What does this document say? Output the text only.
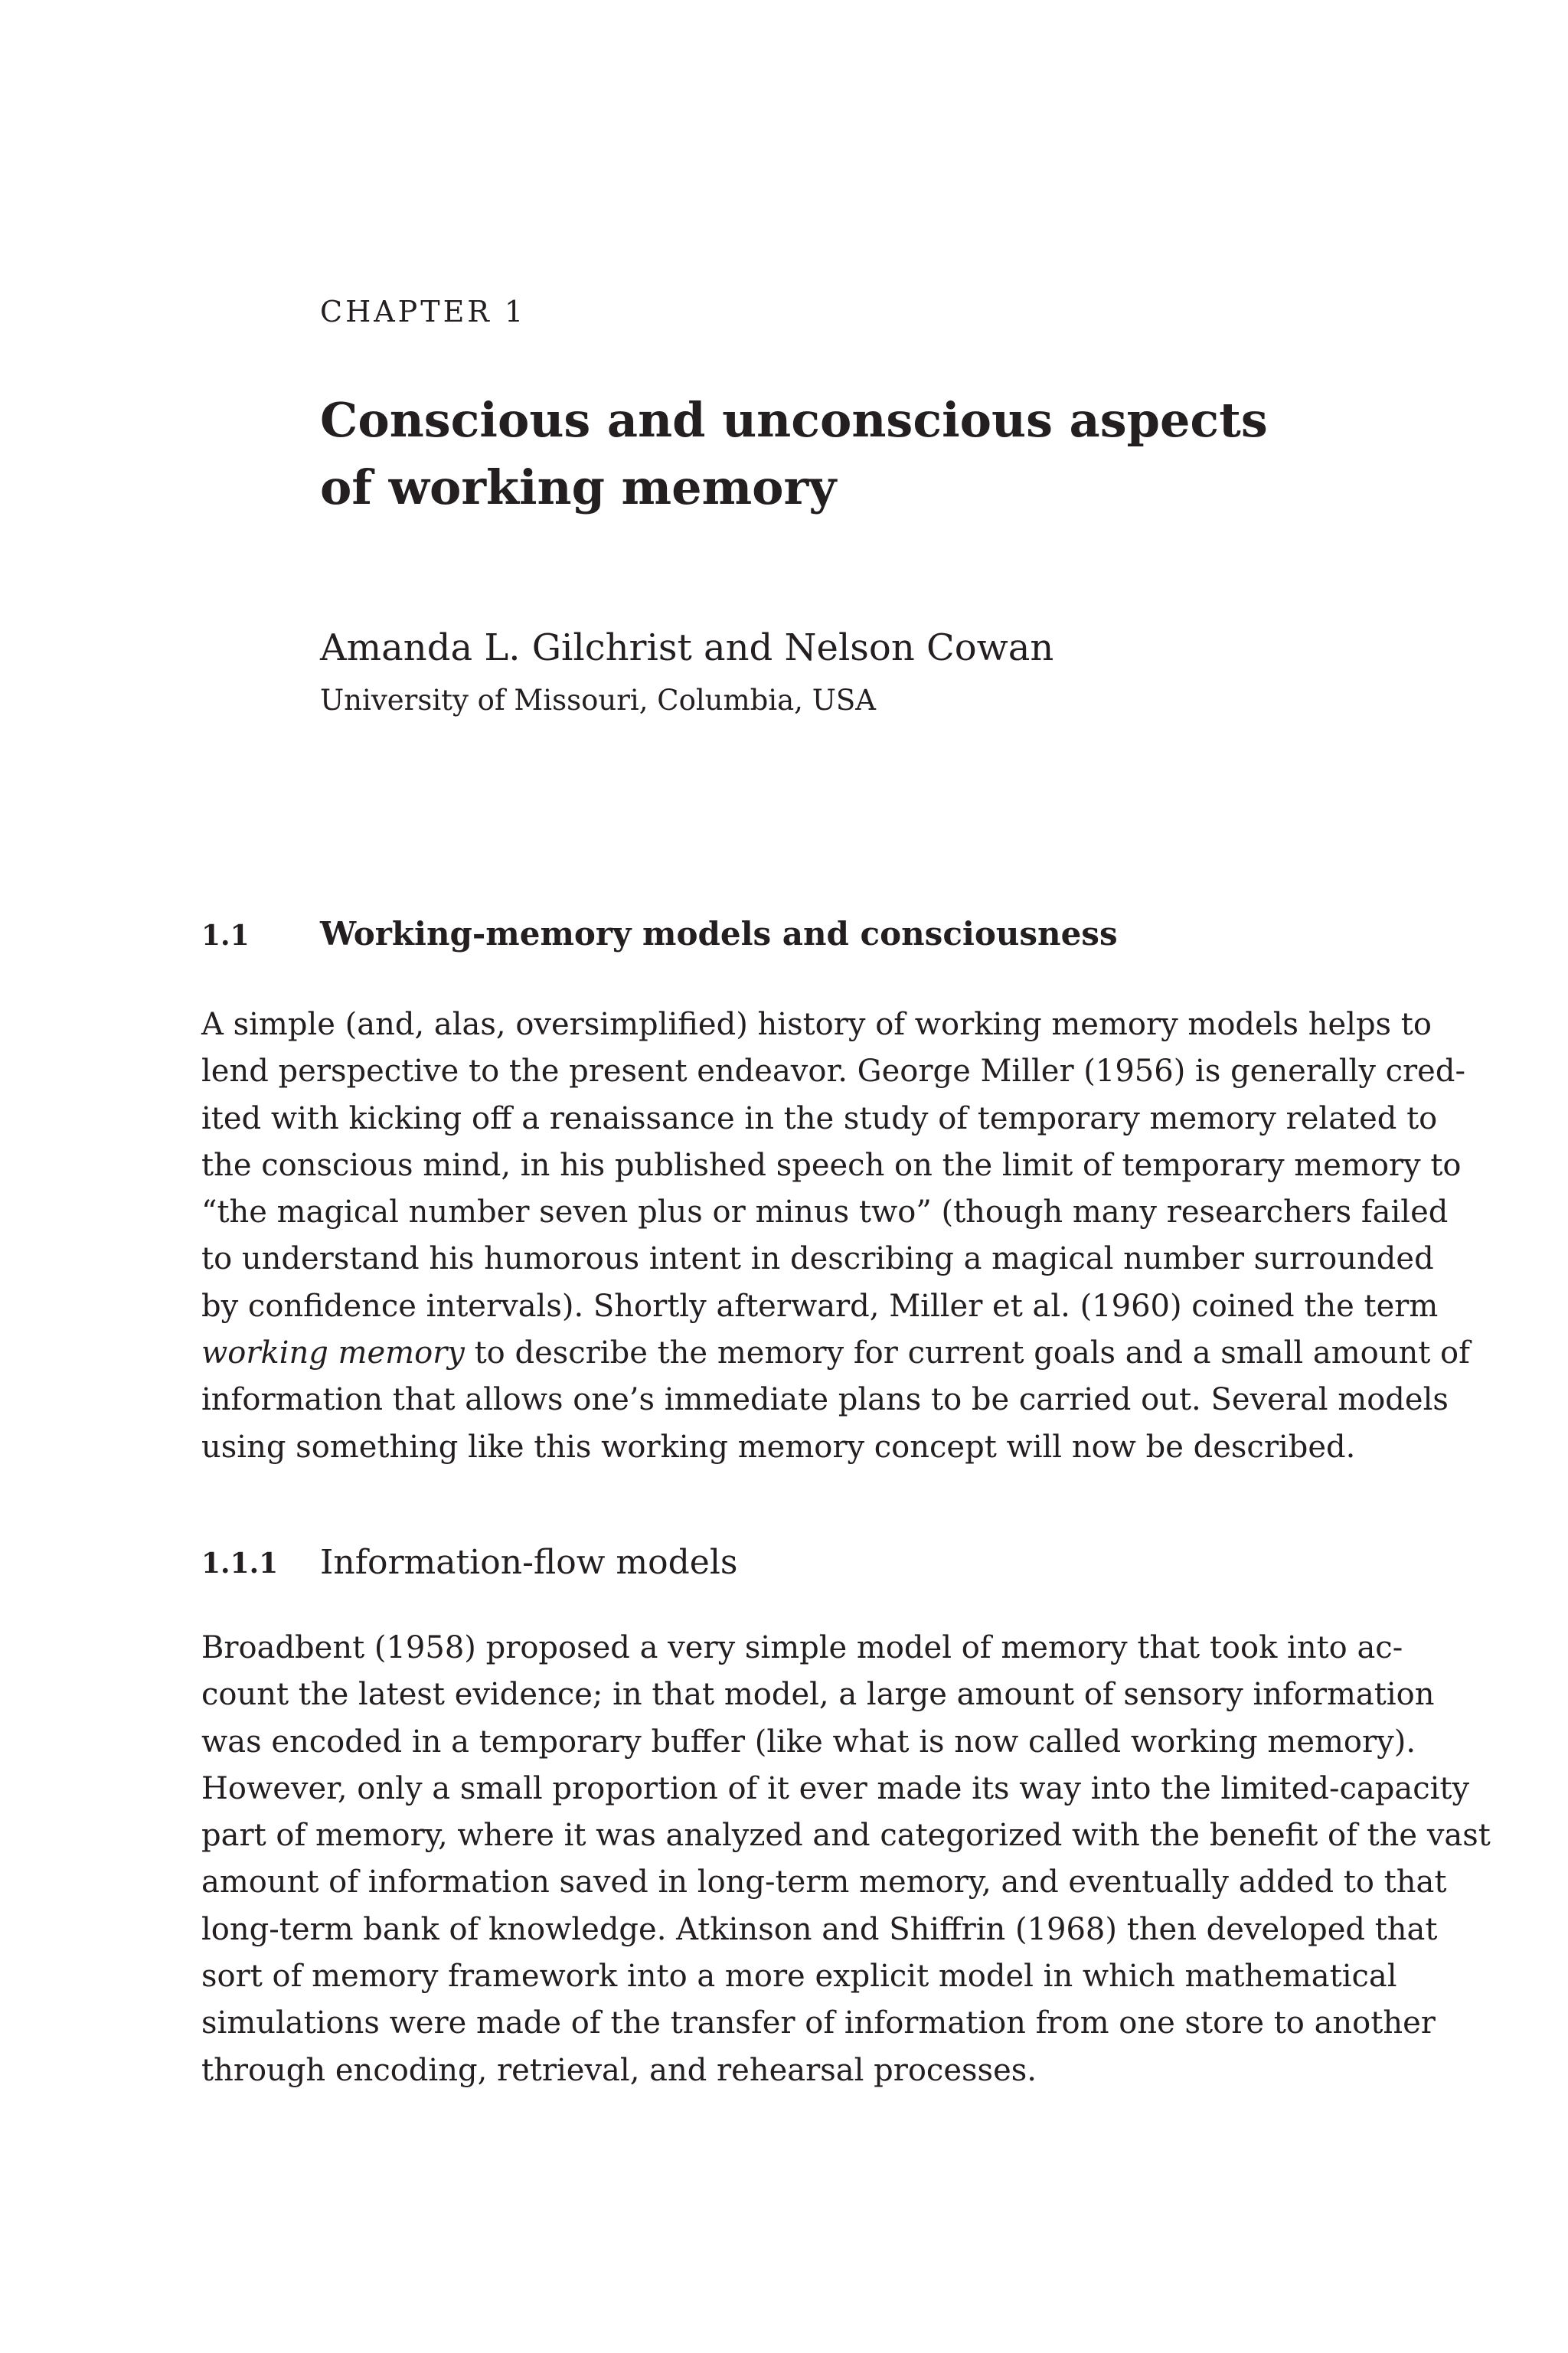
CHAPTER 1
Conscious and unconscious aspects
of working memory
Amanda L. Gilchrist and Nelson Cowan
University of Missouri, Columbia, USA
1.1	Working-memory models and consciousness
A simple (and, alas, oversimplified) history of working memory models helps to
lend perspective to the present endeavor. George Miller (1956) is generally cred-
ited with kicking off a renaissance in the study of temporary memory related to
the conscious mind, in his published speech on the limit of temporary memory to
“the magical number seven plus or minus two” (though many researchers failed
to understand his humorous intent in describing a magical number surrounded
by confidence intervals). Shortly afterward, Miller et al. (1960) coined the term
working memory to describe the memory for current goals and a small amount of
information that allows one’s immediate plans to be carried out. Several models
using something like this working memory concept will now be described.
1.1.1	Information-flow models
Broadbent (1958) proposed a very simple model of memory that took into ac-
count the latest evidence; in that model, a large amount of sensory information
was encoded in a temporary buffer (like what is now called working memory).
However, only a small proportion of it ever made its way into the limited-capacity
part of memory, where it was analyzed and categorized with the benefit of the vast
amount of information saved in long-term memory, and eventually added to that
long-term bank of knowledge. Atkinson and Shiffrin (1968) then developed that
sort of memory framework into a more explicit model in which mathematical
simulations were made of the transfer of information from one store to another
through encoding, retrieval, and rehearsal processes.
